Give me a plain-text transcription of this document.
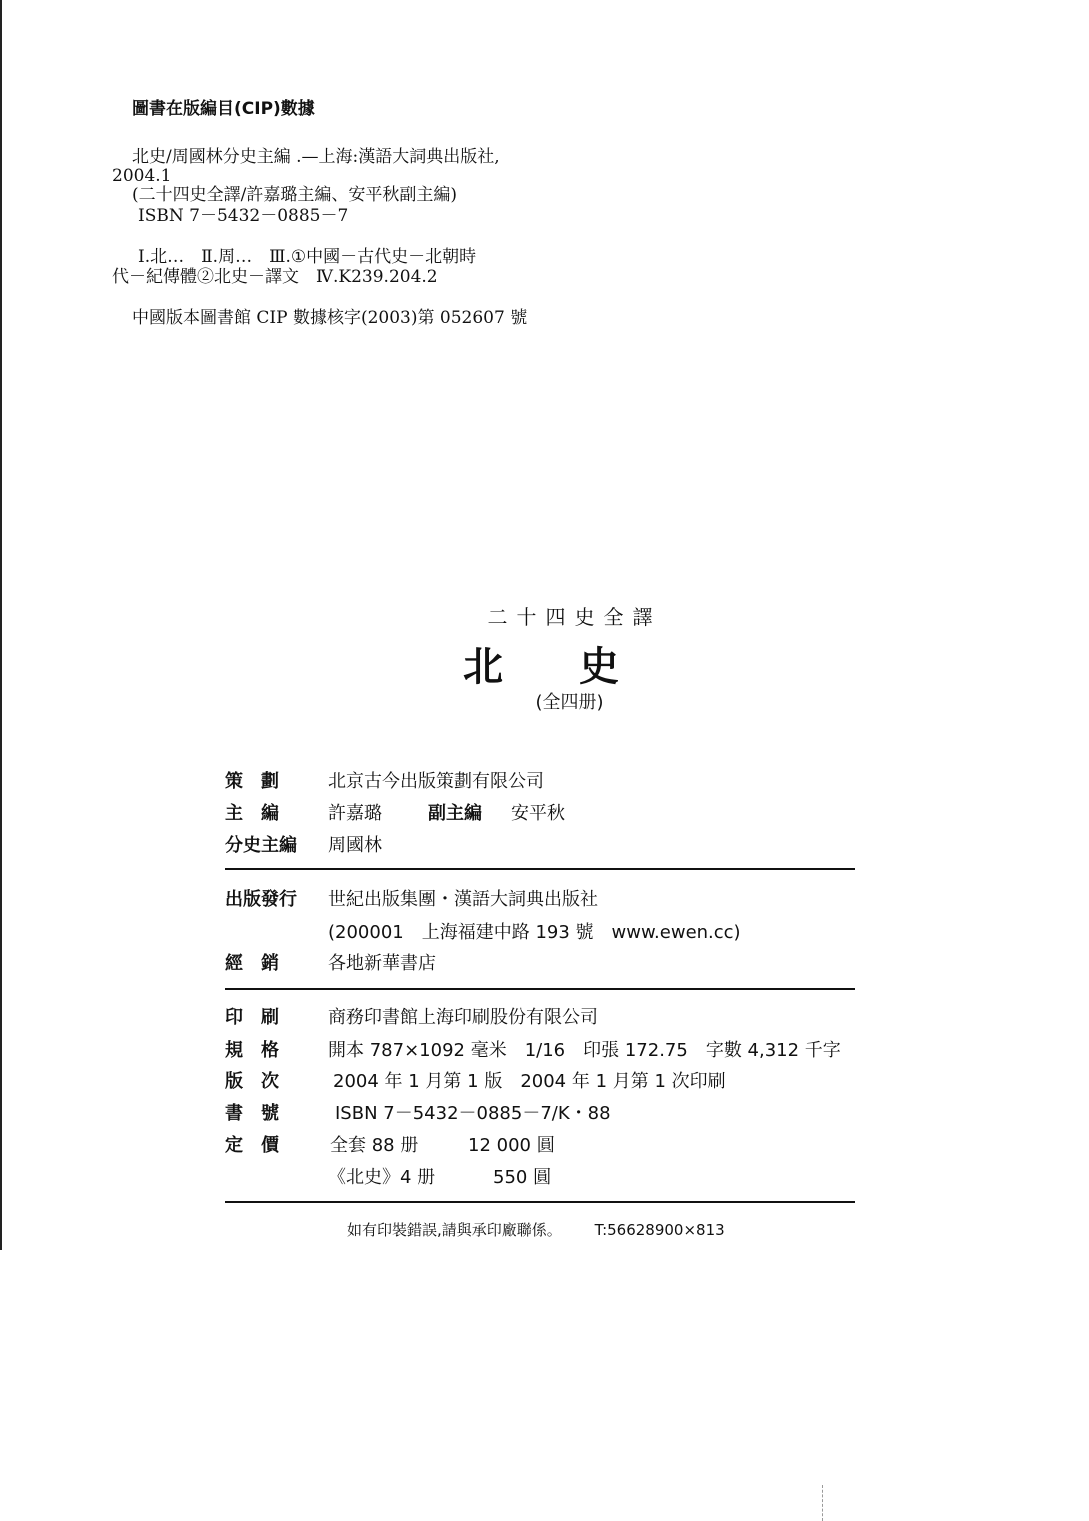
圖書在版編目(CIP)數據
北史/周國林分史主編 .—上海:漢語大詞典出版社,
2004.1
(二十四史全譯/許嘉璐主編、安平秋副主編)
ISBN 7－5432－0885－7
Ⅰ.北…　Ⅱ.周…　Ⅲ.①中國－古代史－北朝時
代－紀傳體②北史－譯文　Ⅳ.K239.204.2
中國版本圖書館 CIP 數據核字(2003)第 052607 號
二十四史全譯
北 史
(全四册)
策　劃	北京古今出版策劃有限公司
主　編	許嘉璐	副主編 安平秋
分史主編 周國林
出版發行 世紀出版集團・漢語大詞典出版社
(200001　上海福建中路 193 號　www.ewen.cc)
經　銷	各地新華書店
印　刷	商務印書館上海印刷股份有限公司
規　格	開本 787×1092 毫米　1/16　印張 172.75　字數 4,312 千字
版　次	2004 年 1 月第 1 版　2004 年 1 月第 1 次印刷
書　號	ISBN 7－5432－0885－7/K・88
定　價	全套 88 册	12 000 圓
《北史》4 册	550 圓
如有印裝錯誤,請與承印廠聯係。 T:56628900×813
